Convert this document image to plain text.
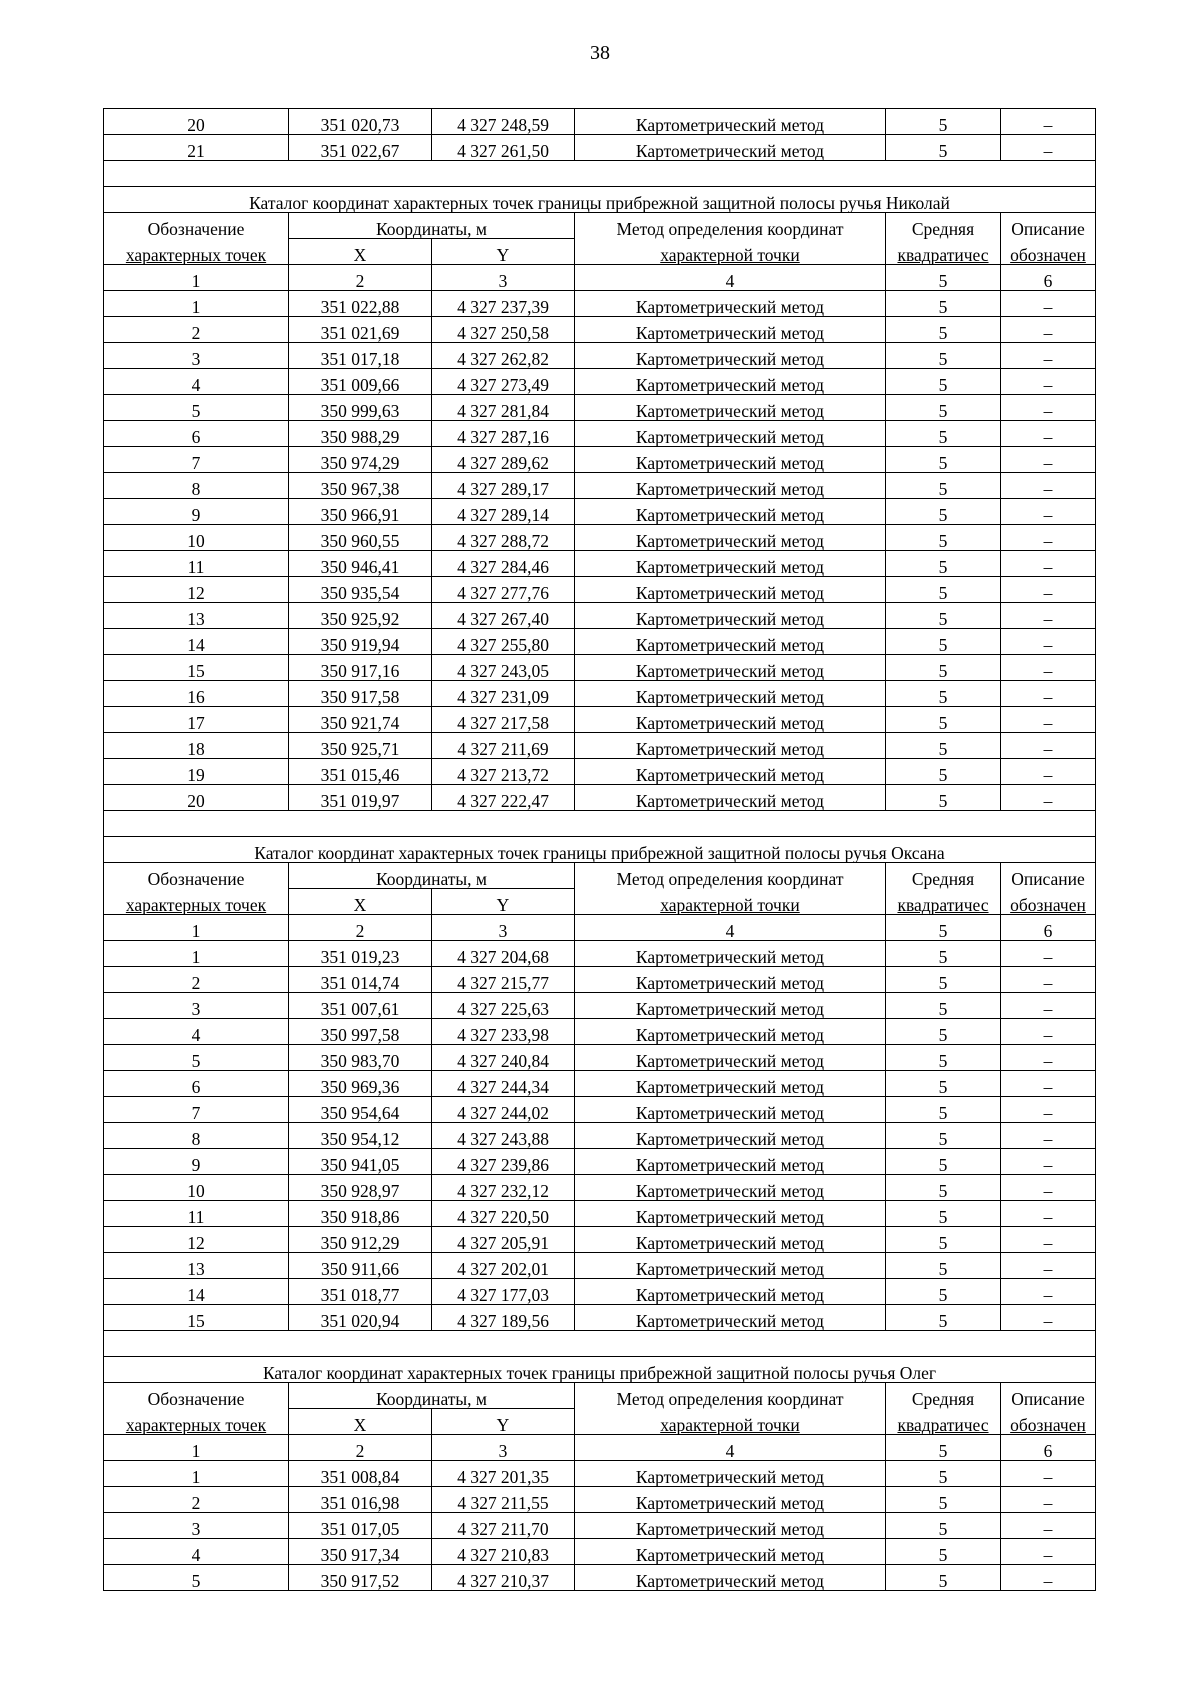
38
20	351 020,73	4 327 248,59	Картометрический метод	5	–
21	351 022,67	4 327 261,50	Картометрический метод	5	–

Каталог координат характерных точек границы прибрежной защитной полосы ручья Николай					
Обозначение	Координаты, м		Метод определения координат	Средняя	Описание
характерных точек	X	Y	характерной точки	квадратичес	обозначен
1	2	3	4	5	6
1	351 022,88	4 327 237,39	Картометрический метод	5	–
2	351 021,69	4 327 250,58	Картометрический метод	5	–
3	351 017,18	4 327 262,82	Картометрический метод	5	–
4	351 009,66	4 327 273,49	Картометрический метод	5	–
5	350 999,63	4 327 281,84	Картометрический метод	5	–
6	350 988,29	4 327 287,16	Картометрический метод	5	–
7	350 974,29	4 327 289,62	Картометрический метод	5	–
8	350 967,38	4 327 289,17	Картометрический метод	5	–
9	350 966,91	4 327 289,14	Картометрический метод	5	–
10	350 960,55	4 327 288,72	Картометрический метод	5	–
11	350 946,41	4 327 284,46	Картометрический метод	5	–
12	350 935,54	4 327 277,76	Картометрический метод	5	–
13	350 925,92	4 327 267,40	Картометрический метод	5	–
14	350 919,94	4 327 255,80	Картометрический метод	5	–
15	350 917,16	4 327 243,05	Картометрический метод	5	–
16	350 917,58	4 327 231,09	Картометрический метод	5	–
17	350 921,74	4 327 217,58	Картометрический метод	5	–
18	350 925,71	4 327 211,69	Картометрический метод	5	–
19	351 015,46	4 327 213,72	Картометрический метод	5	–
20	351 019,97	4 327 222,47	Картометрический метод	5	–

Каталог координат характерных точек границы прибрежной защитной полосы ручья Оксана					
Обозначение	Координаты, м		Метод определения координат	Средняя	Описание
характерных точек	X	Y	характерной точки	квадратичес	обозначен
1	2	3	4	5	6
1	351 019,23	4 327 204,68	Картометрический метод	5	–
2	351 014,74	4 327 215,77	Картометрический метод	5	–
3	351 007,61	4 327 225,63	Картометрический метод	5	–
4	350 997,58	4 327 233,98	Картометрический метод	5	–
5	350 983,70	4 327 240,84	Картометрический метод	5	–
6	350 969,36	4 327 244,34	Картометрический метод	5	–
7	350 954,64	4 327 244,02	Картометрический метод	5	–
8	350 954,12	4 327 243,88	Картометрический метод	5	–
9	350 941,05	4 327 239,86	Картометрический метод	5	–
10	350 928,97	4 327 232,12	Картометрический метод	5	–
11	350 918,86	4 327 220,50	Картометрический метод	5	–
12	350 912,29	4 327 205,91	Картометрический метод	5	–
13	350 911,66	4 327 202,01	Картометрический метод	5	–
14	351 018,77	4 327 177,03	Картометрический метод	5	–
15	351 020,94	4 327 189,56	Картометрический метод	5	–

Каталог координат характерных точек границы прибрежной защитной полосы ручья Олег					
Обозначение	Координаты, м		Метод определения координат	Средняя	Описание
характерных точек	X	Y	характерной точки	квадратичес	обозначен
1	2	3	4	5	6
1	351 008,84	4 327 201,35	Картометрический метод	5	–
2	351 016,98	4 327 211,55	Картометрический метод	5	–
3	351 017,05	4 327 211,70	Картометрический метод	5	–
4	350 917,34	4 327 210,83	Картометрический метод	5	–
5	350 917,52	4 327 210,37	Картометрический метод	5	–
